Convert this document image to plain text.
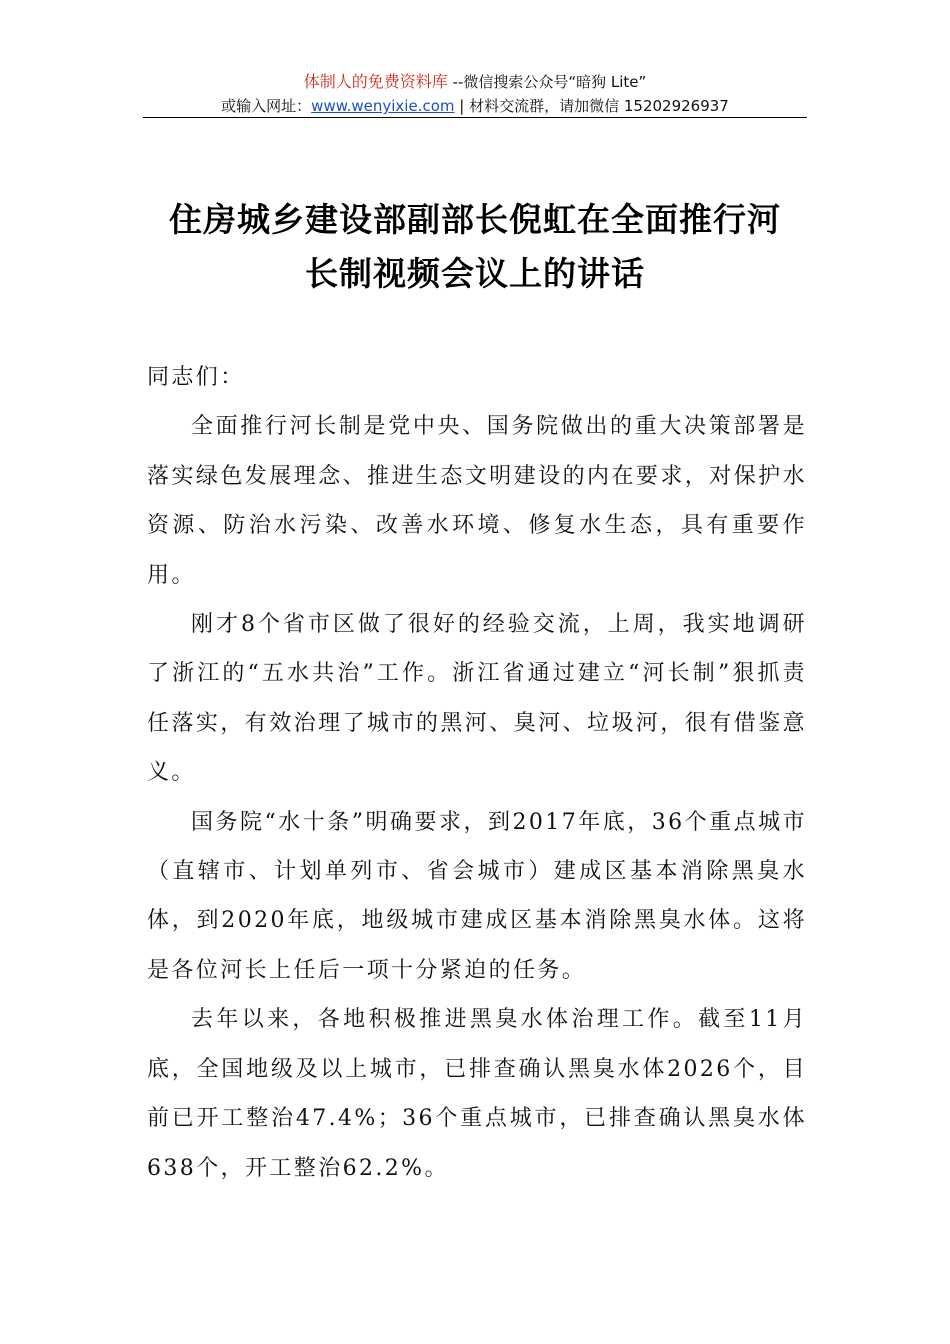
体制人的免费资料库 --微信搜索公众号“暗狗 Lite”
或输入网址：www.wenyixie.com | 材料交流群，请加微信 15202926937
住房城乡建设部副部长倪虹在全面推行河
长制视频会议上的讲话

同志们：

全面推行河长制是党中央、国务院做出的重大决策部署是落实绿色发展理念、推进生态文明建设的内在要求，对保护水资源、防治水污染、改善水环境、修复水生态，具有重要作用。

刚才8个省市区做了很好的经验交流，上周，我实地调研了浙江的“五水共治”工作。浙江省通过建立“河长制”狠抓责任落实，有效治理了城市的黑河、臭河、垃圾河，很有借鉴意义。

国务院“水十条”明确要求，到2017年底，36个重点城市（直辖市、计划单列市、省会城市）建成区基本消除黑臭水体，到2020年底，地级城市建成区基本消除黑臭水体。这将是各位河长上任后一项十分紧迫的任务。

去年以来，各地积极推进黑臭水体治理工作。截至11月底，全国地级及以上城市，已排查确认黑臭水体2026个，目前已开工整治47.4%；36个重点城市，已排查确认黑臭水体638个，开工整治62.2%。
